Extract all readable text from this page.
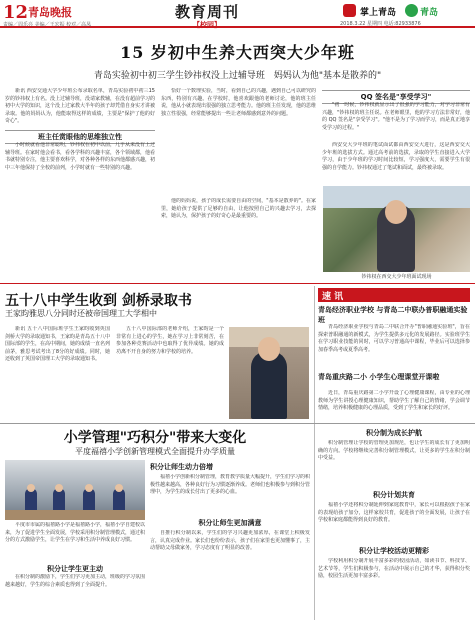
12 青岛晚报
责编／周乐亮 美编／王宏振 校对／高凤
教育周刊
【校园】
掌上青岛	青岛
2018.3.22 星期四 电话:82933876
15 岁初中生养大西突大少年班
青岛实验初中初三学生钞祎权没上过辅导班　妈妈认为他"基本是散养的"

新讯 西安交通大学少年班公布录取名单，青岛实验初中初三15岁的钞祎权上有名。没上过辅导班，没请家教辅，在没有超前学习的初中大学的知识，这个没上过家教大半年的孩子却凭借自身实才讲被录取。他的妈妈认为，他能取得这样的成绩，主要是"保护了他的好奇心"。

班主任赏眼他的思维独立性

小时候就看他非常聪明，钞祎权在初中以前，几乎从来没有上过辅导班。在家时他会看书，看各学科的兴趣丰富，各个领域都，他看书就特别专注，他主要喜欢科学，对各种各样的东西他都感兴趣，初中三年他保持了全校的前列，小学时就有一些特别的兴趣。

恰好一个数理实验，当时，看到自己的兴趣，遇到自己可以研究的东西，特别有兴趣。在学校时，他喜欢跟他的老师讨论，他的班主任说，他从小就表现出很强的独立思考能力。他的班主任发现，他的思维独立性很强，经常能够提出一些让老师都感到意外的问题。

他的妈妈说，孩子的成长需要自由的空间，"基本是散养的"。在家里，她给孩子提供了足够的自由，让他按照自己的兴趣去学习，去探索，她认为，保护孩子的好奇心是最重要的。

QQ 签名是"享受学习"

"初一时候，钞祎权就显示出了很强的学习能力，对学习非常有兴趣，"钞祎权的班主任说。在老师眼里，他的学习方法非常好，他的 QQ 签名是"享受学习"。"他不是为了学习而学习，而是真正地享受学习的过程。"

西安交大少年班的笔试面试都由西安交大进行，这是西安交大少年班的选拔方式。通过高考前的选拔，录取的学生直接进入大学学习，由于少年班的学习时间比较短，学习强度大，需要学生有很强的自学能力。钞祎权通过了笔试和面试，最终被录取。

钞祎权在西交大少年班面试现场
五十八中学生收到 剑桥录取书
王家昀雅思八分同时还被帝国理工大学相中

新讯 五十八中国际班学生王家昀收到英国剑桥大学的录取通知书，王家昀是青岛五十八中国际部的学生，在高中期间，她的成绩一直名列前茅，雅思考试考出了8分的好成绩。同时，她还收到了英国帝国理工大学的录取通知书。

五十八中国际部的老师介绍，王家昀是一个非常有上进心的学生，她在学习上非常刻苦，在参加各种竞赛活动中也取得了优异成绩。她的成功离不开自身的努力和学校的培养。

速 讯
青岛经济职业学校 与青岛二中联办普职融通实验班

青岛经济职业学校与青岛二中联合开办"普职融通实验班"，旨在探索普职融通的新模式，为学生提供多元化的发展路径。实验班学生在学习职业技能的同时，可以学习普通高中课程，毕业后可以选择参加春季高考或夏季高考。

青岛重庆路二小 小学生心理课堂开课啦

近日，青岛重庆路第二小学开设了心理健康课程，由专业的心理教师为学生讲授心理健康知识，帮助学生了解自己的情绪，学会调节情绪，培养积极健康的心理品质，受到了学生和家长的好评。

小学管理"巧积分"带来大变化
平度福禧小学创新管理模式全面提升办学质量

平度市市属的福禧路小学是福禧路小学，福禧小学自建校以来，为了促进学生全面发展，学校采用积分制管理模式，通过积分的方式激励学生，让学生在学习和生活中养成良好习惯。

积分让学生更主动

在积分制的激励下，学生们学习更加主动，班级的学习氛围越来越好，学生的综合素质也得到了全面提升。

积分让师生动力倍增

福禧小学创新积分制管理，教育教学质量大幅提升，学生们学习的积极性越来越高，各种良好行为习惯逐渐养成。老师们也积极参与到积分管理中，为学生的成长付出了更多的心血。

积分让师生更加满意

自推行积分制以来，学生们的学习兴趣更加浓厚，在课堂上积极发言，认真完成作业。家长们也纷纷表示，孩子们在家里也更加懂事了，主动帮助父母做家务，学习态度有了明显的改善。

积分制为成长护航

积分制管理让学校的管理更加规范，也让学生的成长有了更加明确的方向。学校将继续完善积分制管理模式，让更多的学生在积分制中受益。

积分计划共育

福禧小学还将积分制延伸到家庭教育中，家长可以根据孩子在家的表现给孩子加分，这样家校共育，促进孩子的全面发展，让孩子在学校和家庭都能得到良好的教育。

积分让学校活动更精彩

学校利用积分制开展丰富多彩的校园活动，如读书节、科技节、艺术节等，学生们积极参与，在活动中展示自己的才华，获得积分奖励，校园生活更加丰富多彩。
